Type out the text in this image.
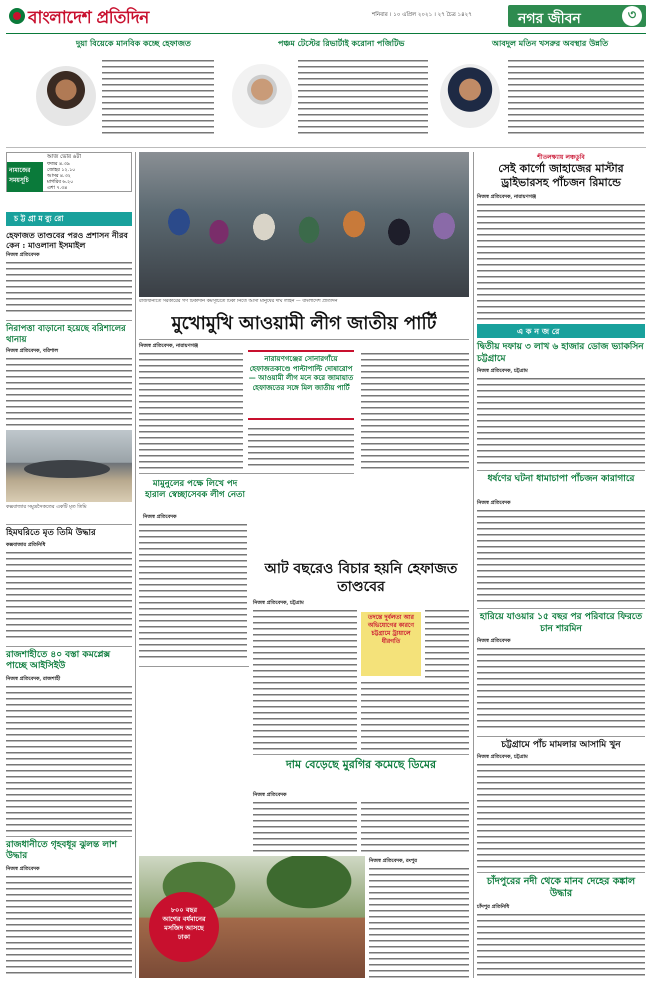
বাংলাদেশ প্রতিদিন	শনিবার । ১০ এপ্রিল ২০২১ । ২৭ চৈত্র ১৪২৭	নগর জীবন	৩
দুয়া বিয়েকে মানবিক কচ্ছে হেফাজত	পঞ্চম টেস্টের রিভার্টাই করোনা পজিটিভ	আবদুল মতিন খসরুর অবস্থার উন্নতি
আজ ভোর ৬টা
নামাজের
সময়সূচি
ফজর ৪.৩৯
জোহর ১২.১০
আসর ৪.৩২
মাগরিব ৬.২০
এশা ৭.৩৪
চ ট্ট গ্রা ম ব্যু রো
হেফাজত তাণ্ডবের পরও প্রশাসন নীরব কেন : মাওলানা ইসমাইল
নিজস্ব প্রতিবেদক
নিরাপত্তা বাড়ানো হয়েছে বরিশালের থানায়
নিজস্ব প্রতিবেদক, বরিশাল
কক্সবাজার সমুদ্রসৈকতের একটি মৃত তিমি
হিমঘরিতে মৃত তিমি উদ্ধার
কক্সবাজার প্রতিনিধি
রাজশাহীতে ৪০ বস্তা কমপ্লেক্স পাচ্ছে আইসিইউ
নিজস্ব প্রতিবেদক, রাজশাহী
রাজধানীতে গৃহবধূর ঝুলন্ত লাশ উদ্ধার
নিজস্ব প্রতিবেদক
রাজধানীতে সরকারের গণ টিকাদান কর্মসূচিতে টিকা নিতে আসা মানুষের দীর্ঘ লাইন — বাংলাদেশ প্রতিদিন
মুখোমুখি আওয়ামী লীগ জাতীয় পার্টি
নিজস্ব প্রতিবেদক, নারায়ণগঞ্জ
নারায়ণগঞ্জের সোনারগাঁয়ে হেফাজতকাণ্ডে পাল্টাপাল্টি দোষারোপ — আওয়ামী লীগ মনে করে জামায়াত হেফাজতের সঙ্গে মিল জাতীয় পার্টি
মামুনুলের পক্ষে লিখে পদ হারাল স্বেচ্ছাসেবক লীগ নেতা
নিজস্ব প্রতিবেদক
আট বছরেও বিচার হয়নি হেফাজত তাণ্ডবের
নিজস্ব প্রতিবেদক, চট্টগ্রাম
তদন্তে দুর্বলতা আর অভিযোগের কারণে চট্টগ্রামে ট্রায়ালে ধীরগতি
দাম বেড়েছে মুরগির কমেছে ডিমের
নিজস্ব প্রতিবেদক
৮০০ বছর
আগের বর্ধমানের
মসজিদ আসছে
ঢাকা
নিজস্ব প্রতিবেদক, রংপুর
শীতলক্ষ্যায় লঞ্চডুবি
সেই কার্গো জাহাজের মাস্টার ড্রাইভারসহ পাঁচজন রিমান্ডে
নিজস্ব প্রতিবেদক, নারায়ণগঞ্জ
এ ক ন জ রে
দ্বিতীয় দফায় ৩ লাখ ৬ হাজার ডোজ ভ্যাকসিন চট্টগ্রামে
নিজস্ব প্রতিবেদক, চট্টগ্রাম
ধর্ষণের ঘটনা ধামাচাপা পাঁচজন কারাগারে
নিজস্ব প্রতিবেদক
হারিয়ে যাওয়ার ১৫ বছর পর পরিবারে ফিরতে চান শারমিন
নিজস্ব প্রতিবেদক
চট্টগ্রামে পাঁচ মামলার আসামি খুন
নিজস্ব প্রতিবেদক, চট্টগ্রাম
চাঁদপুরের নদী থেকে মানব দেহের কঙ্কাল উদ্ধার
চাঁদপুর প্রতিনিধি
